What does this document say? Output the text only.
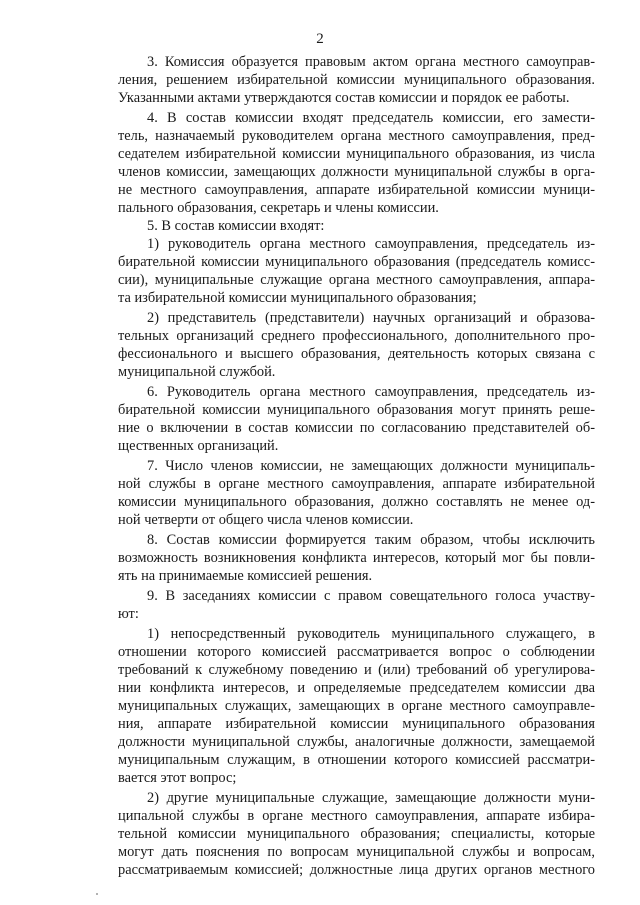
2

3. Комиссия образуется правовым актом органа местного самоуправ-

ления, решением избирательной комиссии муниципального образования.

Указанными актами утверждаются состав комиссии и порядок ее работы.

4. В состав комиссии входят председатель комиссии, его замести-

тель, назначаемый руководителем органа местного самоуправления, пред-

седателем избирательной комиссии муниципального образования, из числа

членов комиссии, замещающих должности муниципальной службы в орга-

не местного самоуправления, аппарате избирательной комиссии муници-

пального образования, секретарь и члены комиссии.

5. В состав комиссии входят:

1) руководитель органа местного самоуправления, председатель из-

бирательной комиссии муниципального образования (председатель комисс-

сии), муниципальные служащие органа местного самоуправления, аппара-

та избирательной комиссии муниципального образования;

2) представитель (представители) научных организаций и образова-

тельных организаций среднего профессионального, дополнительного про-

фессионального и высшего образования, деятельность которых связана с

муниципальной службой.

6. Руководитель органа местного самоуправления, председатель из-

бирательной комиссии муниципального образования могут принять реше-

ние о включении в состав комиссии по согласованию представителей об-

щественных организаций.

7. Число членов комиссии, не замещающих должности муниципаль-

ной службы в органе местного самоуправления, аппарате избирательной

комиссии муниципального образования, должно составлять не менее од-

ной четверти от общего числа членов комиссии.

8. Состав комиссии формируется таким образом, чтобы исключить

возможность возникновения конфликта интересов, который мог бы повли-

ять на принимаемые комиссией решения.

9. В заседаниях комиссии с правом совещательного голоса участву-

ют:

1) непосредственный руководитель муниципального служащего, в

отношении которого комиссией рассматривается вопрос о соблюдении

требований к служебному поведению и (или) требований об урегулирова-

нии конфликта интересов, и определяемые председателем комиссии два

муниципальных служащих, замещающих в органе местного самоуправле-

ния, аппарате избирательной комиссии муниципального образования

должности муниципальной службы, аналогичные должности, замещаемой

муниципальным служащим, в отношении которого комиссией рассматри-

вается этот вопрос;

2) другие муниципальные служащие, замещающие должности муни-

ципальной службы в органе местного самоуправления, аппарате избира-

тельной комиссии муниципального образования; специалисты, которые

могут дать пояснения по вопросам муниципальной службы и вопросам,

рассматриваемым комиссией; должностные лица других органов местного
